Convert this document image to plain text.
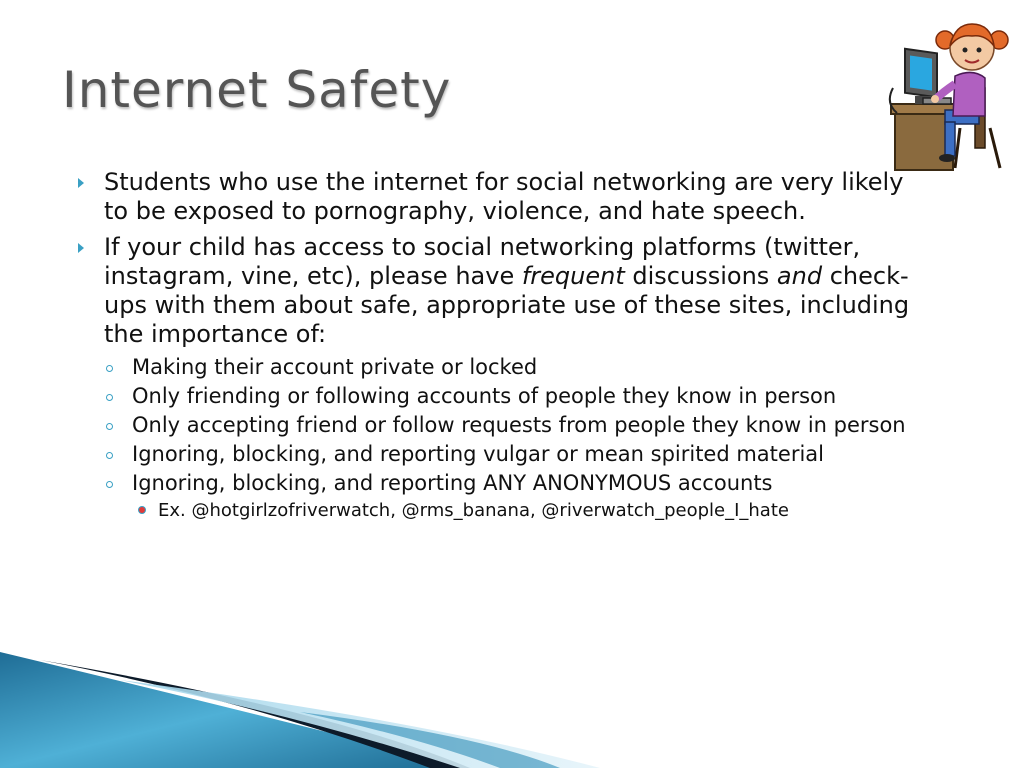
Internet Safety
Students who use the internet for social networking are very likely to be exposed to pornography, violence, and hate speech.
If your child has access to social networking platforms (twitter, instagram, vine, etc), please have frequent discussions and check-ups with them about safe, appropriate use of these sites, including the importance of:
Making their account private or locked
Only friending or following accounts of people they know in person
Only accepting friend or follow requests from people they know in person
Ignoring, blocking, and reporting vulgar or mean spirited material
Ignoring, blocking, and reporting ANY ANONYMOUS accounts
Ex. @hotgirlzofriverwatch, @rms_banana, @riverwatch_people_I_hate
